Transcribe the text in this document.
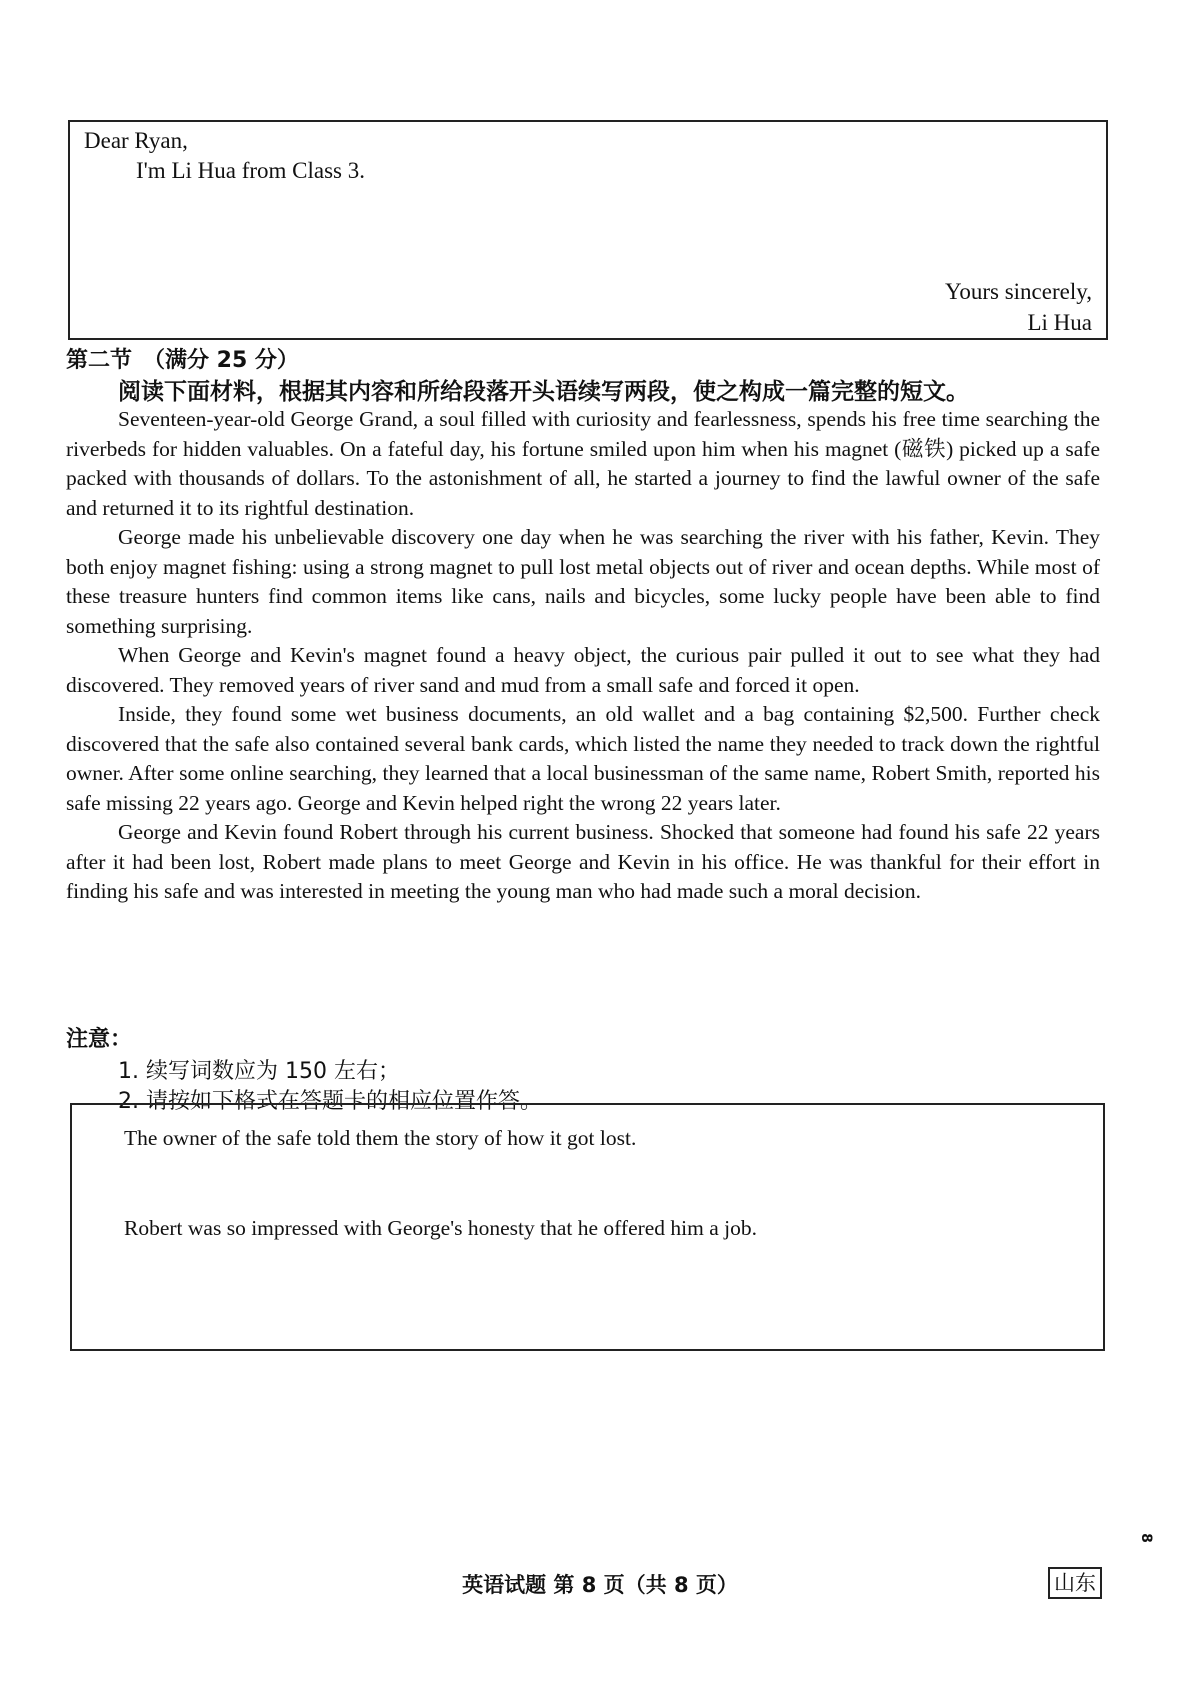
Dear Ryan,
I'm Li Hua from Class 3.
Yours sincerely,
Li Hua
第二节　（满分 25 分）
阅读下面材料，根据其内容和所给段落开头语续写两段，使之构成一篇完整的短文。

Seventeen-year-old George Grand, a soul filled with curiosity and fearlessness, spends his free time searching the riverbeds for hidden valuables. On a fateful day, his fortune smiled upon him when his magnet (磁铁) picked up a safe packed with thousands of dollars. To the astonishment of all, he started a journey to find the lawful owner of the safe and returned it to its rightful destination.

George made his unbelievable discovery one day when he was searching the river with his father, Kevin. They both enjoy magnet fishing: using a strong magnet to pull lost metal objects out of river and ocean depths. While most of these treasure hunters find common items like cans, nails and bicycles, some lucky people have been able to find something surprising.

When George and Kevin's magnet found a heavy object, the curious pair pulled it out to see what they had discovered. They removed years of river sand and mud from a small safe and forced it open.

Inside, they found some wet business documents, an old wallet and a bag containing $2,500. Further check discovered that the safe also contained several bank cards, which listed the name they needed to track down the rightful owner. After some online searching, they learned that a local businessman of the same name, Robert Smith, reported his safe missing 22 years ago. George and Kevin helped right the wrong 22 years later.

George and Kevin found Robert through his current business. Shocked that someone had found his safe 22 years after it had been lost, Robert made plans to meet George and Kevin in his office. He was thankful for their effort in finding his safe and was interested in meeting the young man who had made such a moral decision.

注意：
1. 续写词数应为 150 左右；
2. 请按如下格式在答题卡的相应位置作答。
The owner of the safe told them the story of how it got lost.
Robert was so impressed with George's honesty that he offered him a job.
8
英语试题 第 8 页（共 8 页）	山东
